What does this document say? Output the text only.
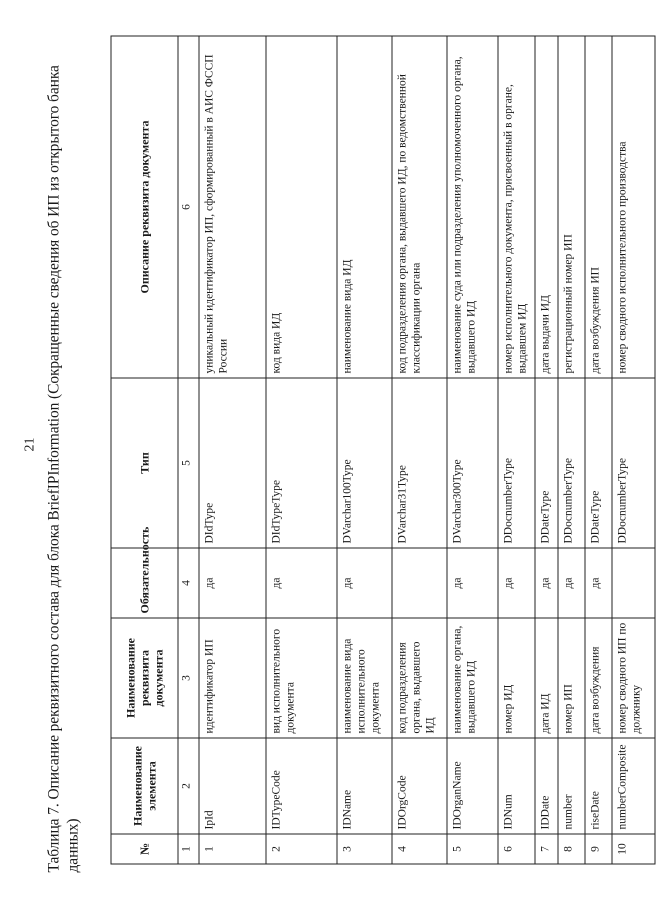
21 Таблица 7. Описание реквизитного состава для блока BriefIPInformation (Сокращенные сведения об ИП из открытого банка данных)	№	Наименование элемента	Наименование реквизита документа	Обязательность	Тип	Описание реквизита документа
1	2	3	4	5	6
1	IpId	идентификатор ИП	да	DIdType	уникальный идентификатор ИП, сформированный в АИС ФССП России
2	IDTypeCode	вид исполнительного документа	да	DIdTypeType	код вида ИД
3	IDName	наименование вида исполнительного документа	да	DVarchar100Type	наименование вида ИД
4	IDOrgCode	код подразделения органа, выдавшего ИД		DVarchar31Type	код подразделения органа, выдавшего ИД, по ведомственной классификации органа
5	IDOrganName	наименование органа, выдавшего ИД	да	DVarchar300Type	наименование суда или подразделения уполномоченного органа, выдавшего ИД
6	IDNum	номер ИД	да	DDocnumberType	номер исполнительного документа, присвоенный в органе, выдавшем ИД
7	IDDate	дата ИД	да	DDateType	дата выдачи ИД
8	number	номер ИП	да	DDocnumberType	регистрационный номер ИП
9	riseDate	дата возбуждения	да	DDateType	дата возбуждения ИП
10	numberComposite	номер сводного ИП по должнику		DDocnumberType	номер сводного исполнительного производства
